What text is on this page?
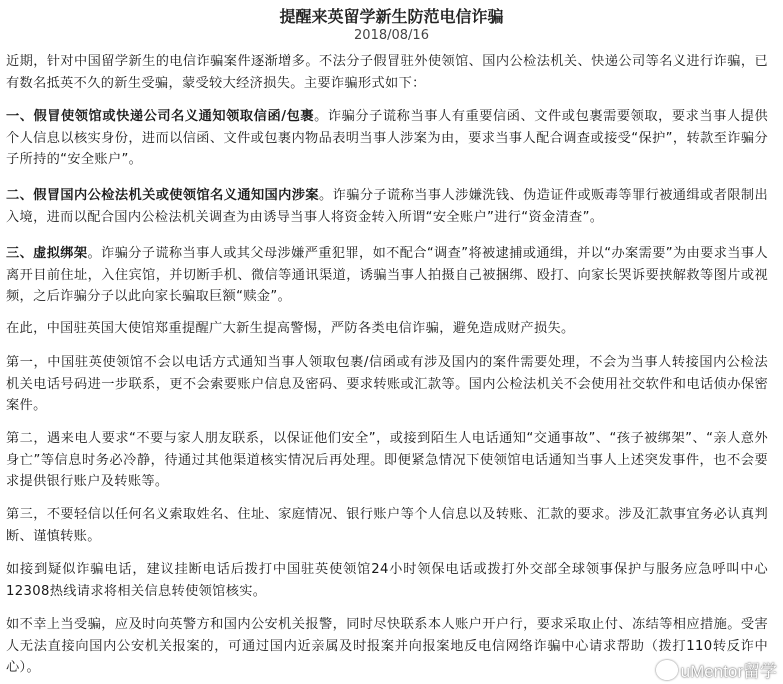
提醒来英留学新生防范电信诈骗
2018/08/16
近期，针对中国留学新生的电信诈骗案件逐渐增多。不法分子假冒驻外使领馆、国内公检法机关、快递公司等名义进行诈骗，已有数名抵英不久的新生受骗，蒙受较大经济损失。主要诈骗形式如下：
一、假冒使领馆或快递公司名义通知领取信函/包裹。诈骗分子谎称当事人有重要信函、文件或包裹需要领取，要求当事人提供个人信息以核实身份，进而以信函、文件或包裹内物品表明当事人涉案为由，要求当事人配合调查或接受“保护”，转款至诈骗分子所持的“安全账户”。
二、假冒国内公检法机关或使领馆名义通知国内涉案。诈骗分子谎称当事人涉嫌洗钱、伪造证件或贩毒等罪行被通缉或者限制出入境，进而以配合国内公检法机关调查为由诱导当事人将资金转入所谓“安全账户”进行“资金清查”。
三、虚拟绑架。诈骗分子谎称当事人或其父母涉嫌严重犯罪，如不配合“调查”将被逮捕或通缉，并以“办案需要”为由要求当事人离开目前住址，入住宾馆，并切断手机、微信等通讯渠道，诱骗当事人拍摄自己被捆绑、殴打、向家长哭诉要挟解救等图片或视频，之后诈骗分子以此向家长骗取巨额“赎金”。
在此，中国驻英国大使馆郑重提醒广大新生提高警惕，严防各类电信诈骗，避免造成财产损失。
第一，中国驻英使领馆不会以电话方式通知当事人领取包裹/信函或有涉及国内的案件需要处理，不会为当事人转接国内公检法机关电话号码进一步联系，更不会索要账户信息及密码、要求转账或汇款等。国内公检法机关不会使用社交软件和电话侦办保密案件。
第二，遇来电人要求“不要与家人朋友联系，以保证他们安全”，或接到陌生人电话通知“交通事故”、“孩子被绑架”、“亲人意外身亡”等信息时务必冷静，待通过其他渠道核实情况后再处理。即便紧急情况下使领馆电话通知当事人上述突发事件，也不会要求提供银行账户及转账等。
第三，不要轻信以任何名义索取姓名、住址、家庭情况、银行账户等个人信息以及转账、汇款的要求。涉及汇款事宜务必认真判断、谨慎转账。
如接到疑似诈骗电话，建议挂断电话后拨打中国驻英使领馆24小时领保电话或拨打外交部全球领事保护与服务应急呼叫中心12308热线请求将相关信息转使领馆核实。
如不幸上当受骗，应及时向英警方和国内公安机关报警，同时尽快联系本人账户开户行，要求采取止付、冻结等相应措施。受害人无法直接向国内公安机关报案的，可通过国内近亲属及时报案并向报案地反电信网络诈骗中心请求帮助（拨打110转反诈中心）。	uMentor留学
